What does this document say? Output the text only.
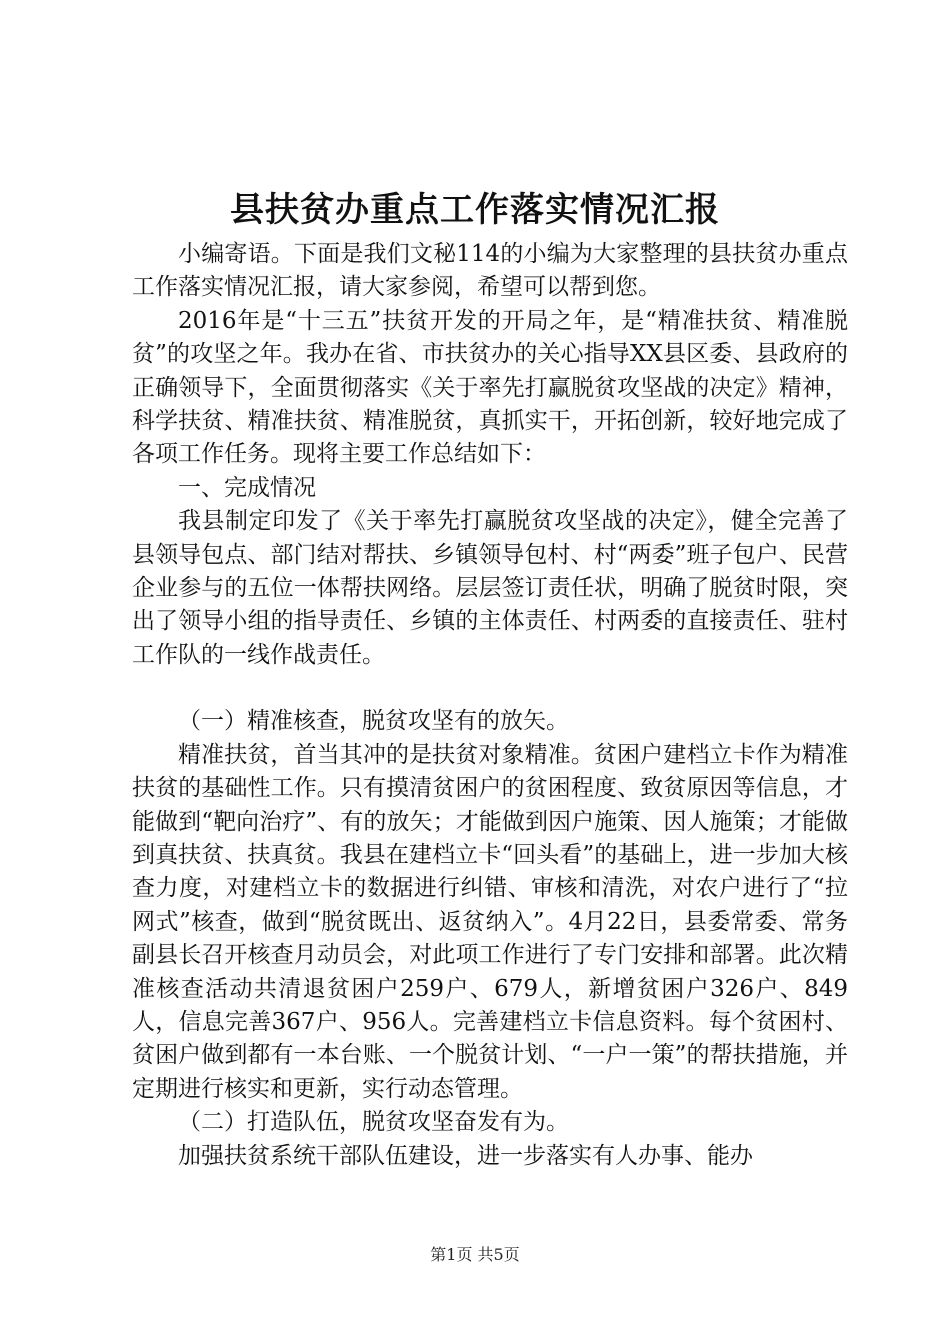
县扶贫办重点工作落实情况汇报

小编寄语。下面是我们文秘114的小编为大家整理的县扶贫办重点工作落实情况汇报，请大家参阅，希望可以帮到您。

2016年是“十三五”扶贫开发的开局之年，是“精准扶贫、精准脱贫”的攻坚之年。我办在省、市扶贫办的关心指导XX县区委、县政府的正确领导下，全面贯彻落实《关于率先打赢脱贫攻坚战的决定》精神，科学扶贫、精准扶贫、精准脱贫，真抓实干，开拓创新，较好地完成了各项工作任务。现将主要工作总结如下：

一、完成情况

我县制定印发了《关于率先打赢脱贫攻坚战的决定》，健全完善了县领导包点、部门结对帮扶、乡镇领导包村、村“两委”班子包户、民营企业参与的五位一体帮扶网络。层层签订责任状，明确了脱贫时限，突出了领导小组的指导责任、乡镇的主体责任、村两委的直接责任、驻村工作队的一线作战责任。

（一）精准核查，脱贫攻坚有的放矢。

精准扶贫，首当其冲的是扶贫对象精准。贫困户建档立卡作为精准扶贫的基础性工作。只有摸清贫困户的贫困程度、致贫原因等信息，才能做到“靶向治疗”、有的放矢；才能做到因户施策、因人施策；才能做到真扶贫、扶真贫。我县在建档立卡“回头看”的基础上，进一步加大核查力度，对建档立卡的数据进行纠错、审核和清洗，对农户进行了“拉网式”核查，做到“脱贫既出、返贫纳入”。4月22日，县委常委、常务副县长召开核查月动员会，对此项工作进行了专门安排和部署。此次精准核查活动共清退贫困户259户、679人，新增贫困户326户、849人，信息完善367户、956人。完善建档立卡信息资料。每个贫困村、贫困户做到都有一本台账、一个脱贫计划、“一户一策”的帮扶措施，并定期进行核实和更新，实行动态管理。

（二）打造队伍，脱贫攻坚奋发有为。

加强扶贫系统干部队伍建设，进一步落实有人办事、能办

第1页 共5页
